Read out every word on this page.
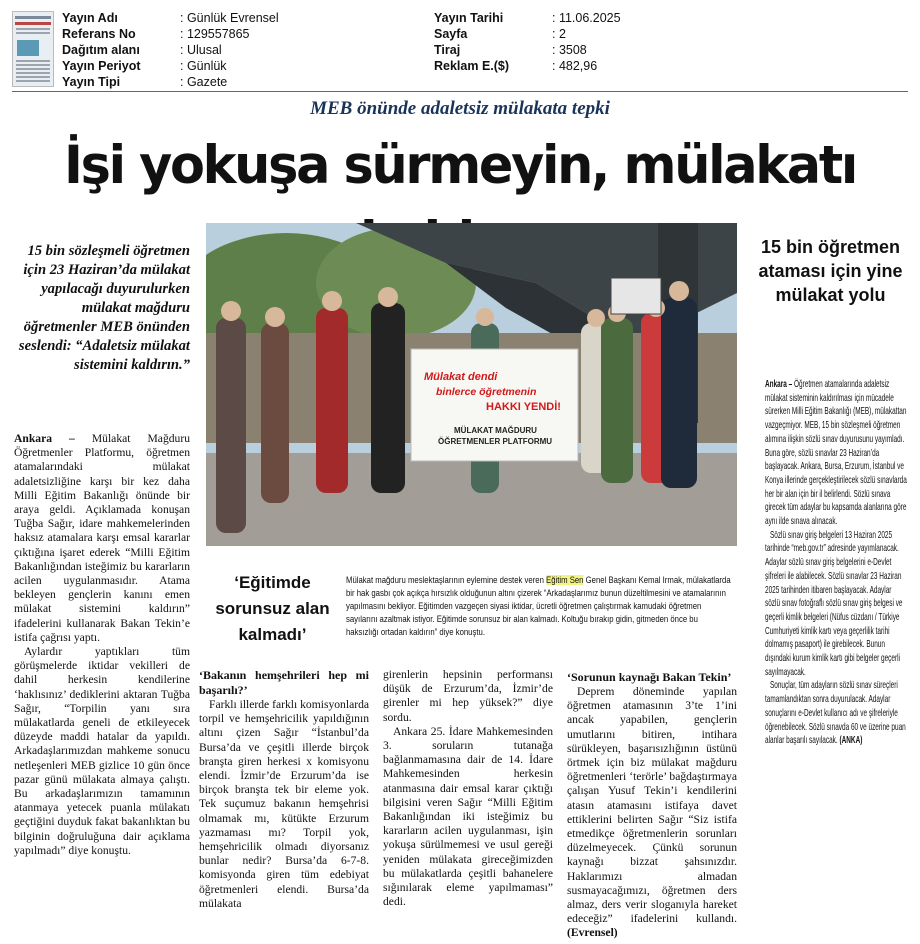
Yayın Adı	: Günlük Evrensel
Referans No	: 129557865
Dağıtım alanı	: Ulusal
Yayın Periyot	: Günlük
Yayın Tipi	: Gazete
Yayın Tarihi	: 11.06.2025
Sayfa	: 2
Tiraj	: 3508
Reklam E.($)	: 482,96
MEB önünde adaletsiz mülakata tepki
İşi yokuşa sürmeyin, mülakatı
15 bin sözleşmeli öğretmen için 23 Haziran’da mülakat yapılacağı duyurulurken mülakat mağduru öğretmenler MEB önünden seslendi: “Adaletsiz mülakat sistemini kaldırın.”

Ankara – Mülakat Mağduru Öğretmenler Platformu, öğretmen atamalarındaki mülakat adaletsizliğine karşı bir kez daha Milli Eğitim Bakanlığı önünde bir araya geldi. Açıklamada konuşan Tuğba Sağır, idare mahkemelerinden haksız atamalara karşı emsal kararlar çıktığına işaret ederek “Milli Eğitim Bakanlığından isteğimiz bu kararların acilen uygulanmasıdır. Atama bekleyen gençlerin kanını emen mülakat sistemini kaldırın” ifadelerini kullanarak Bakan Tekin’e istifa çağrısı yaptı.

Aylardır yaptıkları tüm görüşmelerde iktidar vekilleri de dahil herkesin kendilerine ‘haklısınız’ dediklerini aktaran Tuğba Sağır, “Torpilin yanı sıra mülakatlarda geneli de etkileyecek düzeyde maddi hatalar da yapıldı. Arkadaşlarımızdan mahkeme sonucu netleşenleri MEB gizlice 10 gün önce pazar günü mülakata almaya çalıştı. Bu arkadaşlarımızın tamamının atanmaya yetecek puanla mülakatı geçtiğini duyduk fakat bakanlıktan bu bilginin doğruluğuna dair açıklama yapılmadı” diye konuştu.

Mülakat dendi
binlerce öğretmenin
HAKKI YENDİ!
MÜLAKAT MAĞDURU
ÖĞRETMENLER PLATFORMU
‘Eğitimde sorunsuz alan kalmadı’
Mülakat mağduru meslektaşlarının eylemine destek veren Eğitim Sen Genel Başkanı Kemal Irmak, mülakatlarda bir hak gasbı çok açıkça hırsızlık olduğunun altını çizerek “Arkadaşlarımız bunun düzeltilmesini ve atamalarının yapılmasını bekliyor. Eğitimden vazgeçen siyasi iktidar, ücretli öğretmen çalıştırmak kamudaki öğretmen sayılarını azaltmak istiyor. Eğitimde sorunsuz bir alan kalmadı. Koltuğu bırakıp gidin, gitmeden önce bu haksızlığı ortadan kaldırın” diye konuştu.
‘Bakanın hemşehrileri hep mi başarılı?’

Farklı illerde farklı komisyonlarda torpil ve hemşehricilik yapıldığının altını çizen Sağır “İstanbul’da Bursa’da ve çeşitli illerde birçok branşta giren herkesi x komisyonu elendi. İzmir’de Erzurum’da ise birçok branşta tek bir eleme yok. Tek suçumuz bakanın hemşehrisi olmamak mı, kütükte Erzurum yazmaması mı? Torpil yok, hemşehricilik olmadı diyorsanız bunlar nedir? Bursa’da 6-7-8. komisyonda giren tüm edebiyat öğretmenleri elendi. Bursa’da mülakata

girenlerin hepsinin performansı düşük de Erzurum’da, İzmir’de girenler mi hep yüksek?” diye sordu.

Ankara 25. İdare Mahkemesinden 3. soruların tutanağa bağlanmamasına dair de 14. İdare Mahkemesinden herkesin atanmasına dair emsal karar çıktığı bilgisini veren Sağır “Milli Eğitim Bakanlığından iki isteğimiz bu kararların acilen uygulanması, işin yokuşa sürülmemesi ve usul gereği yeniden mülakata gireceğimizden bu mülakatlarda çeşitli bahanelere sığınılarak eleme yapılmaması” dedi.

‘Sorunun kaynağı Bakan Tekin’

Deprem döneminde yapılan öğretmen atamasının 3’te 1’ini ancak yapabilen, gençlerin umutlarını bitiren, intihara sürükleyen, başarısızlığının üstünü örtmek için biz mülakat mağduru öğretmenleri ‘terörle’ bağdaştırmaya çalışan Yusuf Tekin’i kendilerini atasın atamasını istifaya davet ettiklerini belirten Sağır “Siz istifa etmedikçe öğretmenlerin sorunları düzelmeyecek. Çünkü sorunun kaynağı bizzat şahsınızdır. Haklarımızı almadan susmayacağımızı, öğretmen ders almaz, ders verir sloganıyla hareket edeceğiz” ifadelerini kullandı. (Evrensel)

15 bin öğretmen ataması için yine mülakat yolu

Ankara – Öğretmen atamalarında adaletsiz mülakat sisteminin kaldırılması için mücadele sürerken Milli Eğitim Bakanlığı (MEB), mülakattan vazgeçmiyor. MEB, 15 bin sözleşmeli öğretmen alımına ilişkin sözlü sınav duyurusunu yayımladı. Buna göre, sözlü sınavlar 23 Haziran’da başlayacak. Ankara, Bursa, Erzurum, İstanbul ve Konya illerinde gerçekleştirilecek sözlü sınavlarda her bir alan için bir il belirlendi. Sözlü sınava girecek tüm adaylar bu kapsamda alanlarına göre aynı ilde sınava alınacak.

Sözlü sınav giriş belgeleri 13 Haziran 2025 tarihinde “meb.gov.tr” adresinde yayımlanacak. Adaylar sözlü sınav giriş belgelerini e-Devlet şifreleri ile alabilecek. Sözlü sınavlar 23 Haziran 2025 tarihinden itibaren başlayacak. Adaylar sözlü sınav fotoğraflı sözlü sınav giriş belgesi ve geçerli kimlik belgeleri (Nüfus cüzdanı / Türkiye Cumhuriyeti kimlik kartı veya geçerlilik tarihi dolmamış pasaport) ile girebilecek. Bunun dışındaki kurum kimlik kartı gibi belgeler geçerli sayılmayacak.

Sonuçlar, tüm adayların sözlü sınav süreçleri tamamlandıktan sonra duyurulacak. Adaylar sonuçlarını e-Devlet kullanıcı adı ve şifreleriyle öğrenebilecek. Sözlü sınavda 60 ve üzerine puan alanlar başarılı sayılacak. (ANKA)
